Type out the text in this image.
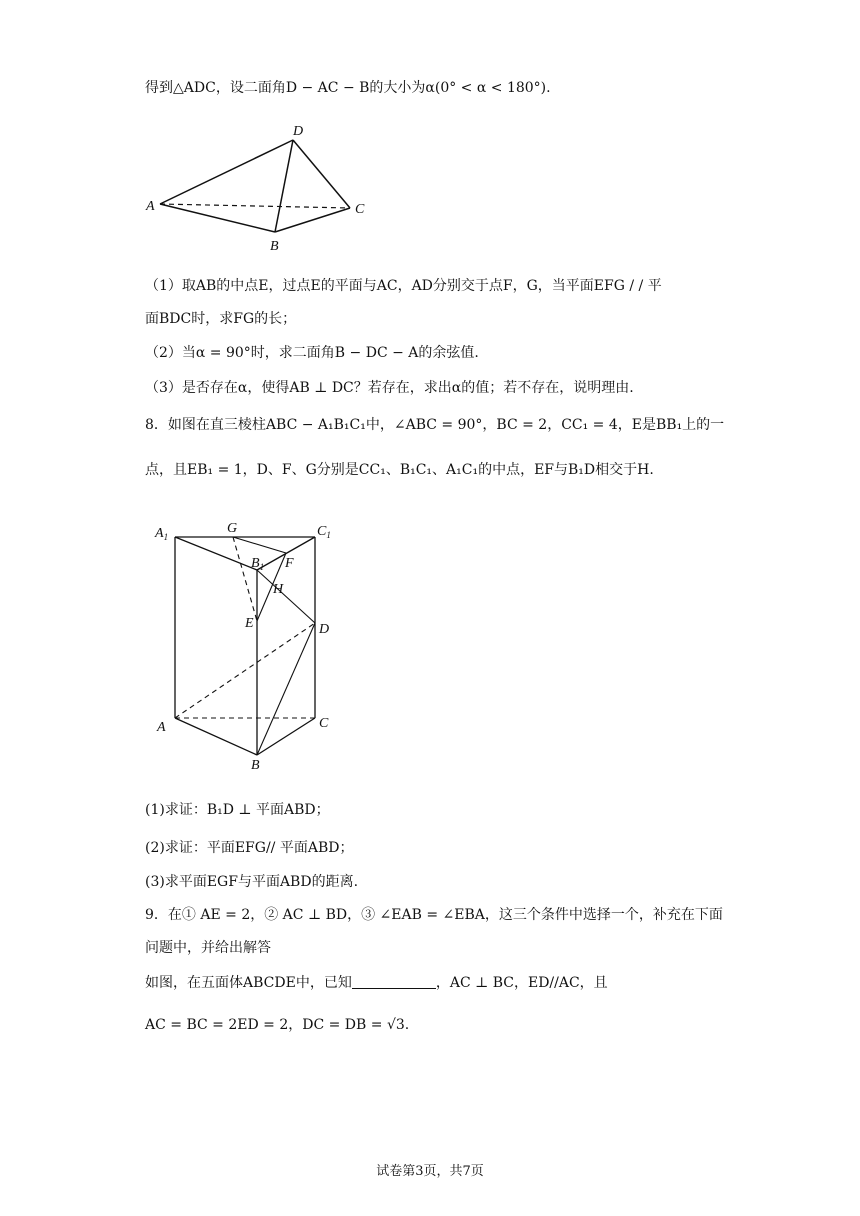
得到△ADC，设二面角D − AC − B的大小为α(0° < α < 180°).
D
A	C
B
（1）取AB的中点E，过点E的平面与AC，AD分别交于点F，G，当平面EFG / / 平
面BDC时，求FG的长；
（2）当α = 90°时，求二面角B − DC − A的余弦值.
（3）是否存在α，使得AB ⊥ DC？若存在，求出α的值；若不存在，说明理由.
8．如图在直三棱柱ABC − A₁B₁C₁中，∠ABC = 90°，BC = 2，CC₁ = 4，E是BB₁上的一
点，且EB₁ = 1，D、F、G分别是CC₁、B₁C₁、A₁C₁的中点，EF与B₁D相交于H.
$A_1$
G	$C_1$
$B_1$ F
H
E	D
A	C
B
(1)求证：B₁D ⊥ 平面ABD；
(2)求证：平面EFG// 平面ABD；
(3)求平面EGF与平面ABD的距离.
9．在① AE = 2，② AC ⊥ BD，③ ∠EAB = ∠EBA，这三个条件中选择一个，补充在下面
问题中，并给出解答
如图，在五面体ABCDE中，已知	，AC ⊥ BC，ED//AC，且
AC = BC = 2ED = 2，DC = DB = √3.
试卷第3页，共7页
